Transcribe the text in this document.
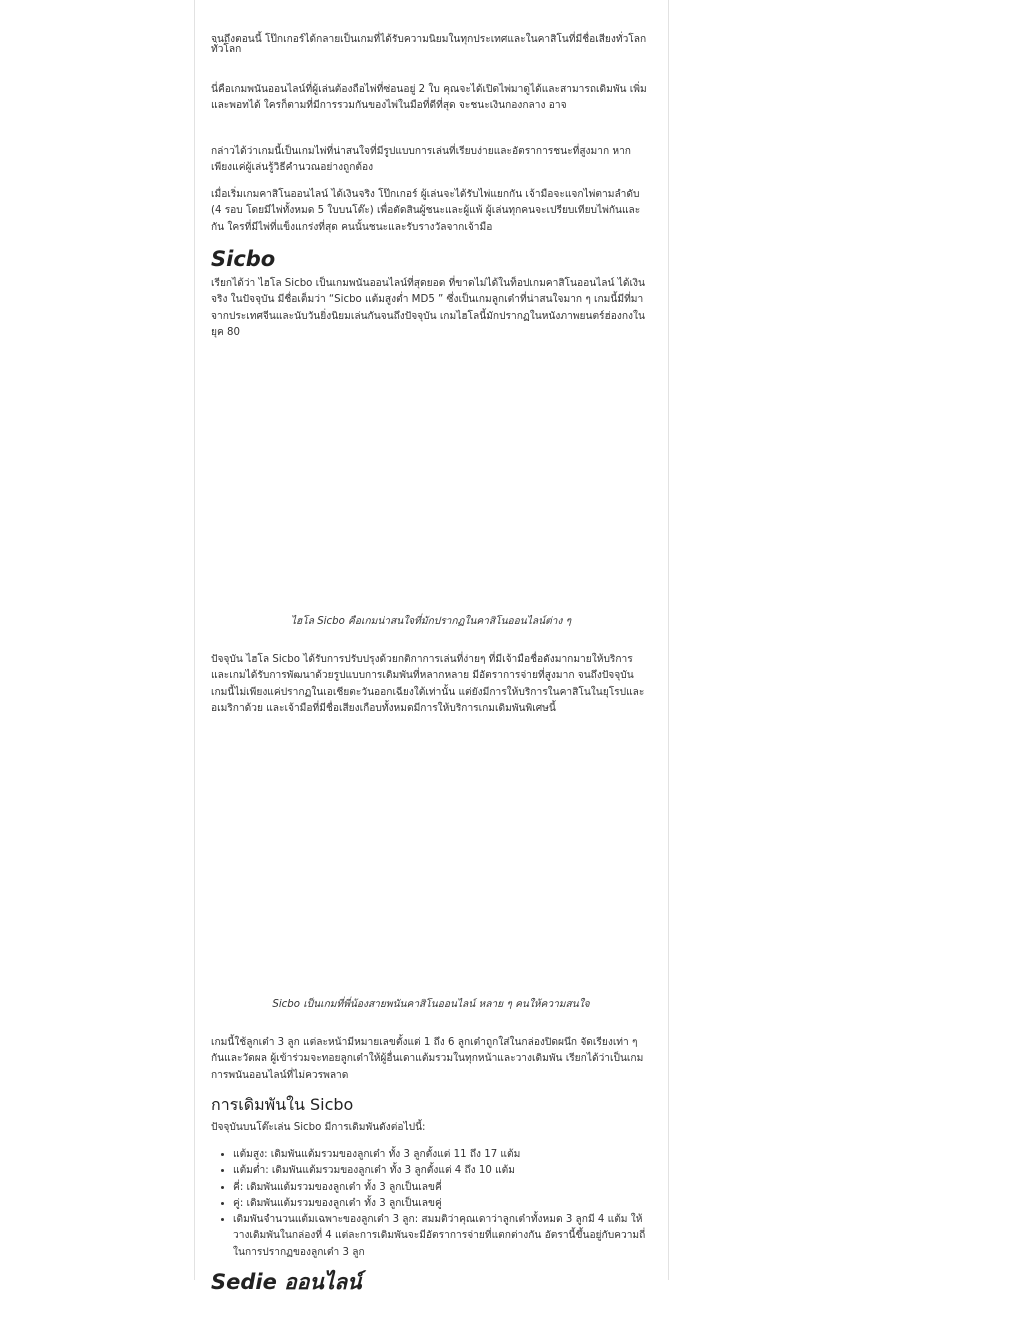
จนถึงตอนนี้ โป๊กเกอร์ได้กลายเป็นเกมที่ได้รับความนิยมในทุกประเทศและในคาสิโนที่มีชื่อเสียงทั่วโลก
ทั่วโลก

นี่คือเกมพนันออนไลน์ที่ผู้เล่นต้องถือไพ่ที่ซ่อนอยู่ 2 ใบ คุณจะได้เปิดไพ่มาดูได้และสามารถเดิมพัน เพิ่มและพอทได้ ใครก็ตามที่มีการรวมกันของไพ่ในมือที่ดีที่สุด จะชนะเงินกองกลาง อาจ

กล่าวได้ว่าเกมนี้เป็นเกมไพ่ที่น่าสนใจที่มีรูปแบบการเล่นที่เรียบง่ายและอัตราการชนะที่สูงมาก หากเพียงแค่ผู้เล่นรู้วิธีคำนวณอย่างถูกต้อง

เมื่อเริ่มเกมคาสิโนออนไลน์ ได้เงินจริง โป๊กเกอร์ ผู้เล่นจะได้รับไพ่แยกกัน เจ้ามือจะแจกไพ่ตามลำดับ (4 รอบ โดยมีไพ่ทั้งหมด 5 ใบบนโต๊ะ) เพื่อตัดสินผู้ชนะและผู้แพ้ ผู้เล่นทุกคนจะเปรียบเทียบไพ่กันและกัน ใครที่มีไพ่ที่แข็งแกร่งที่สุด คนนั้นชนะและรับรางวัลจากเจ้ามือ

Sicbo

เรียกได้ว่า ไฮโล Sicbo เป็นเกมพนันออนไลน์ที่สุดยอด ที่ขาดไม่ได้ในท็อปเกมคาสิโนออนไลน์ ได้เงินจริง ในปัจจุบัน มีชื่อเต็มว่า “Sicbo แต้มสูงต่ำ MD5 ” ซึ่งเป็นเกมลูกเต๋าที่น่าสนใจมาก ๆ เกมนี้มีที่มาจากประเทศจีนและนับวันยิ่งนิยมเล่นกันจนถึงปัจจุบัน เกมไฮโลนี้มักปรากฏในหนังภาพยนตร์ฮ่องกงในยุค 80

ไฮโล Sicbo คือเกมน่าสนใจที่มักปรากฏในคาสิโนออนไลน์ต่าง ๆ

ปัจจุบัน ไฮโล Sicbo ได้รับการปรับปรุงด้วยกติกาการเล่นที่ง่ายๆ ที่มีเจ้ามือชื่อดังมากมายให้บริการ และเกมได้รับการพัฒนาด้วยรูปแบบการเดิมพันที่หลากหลาย มีอัตราการจ่ายที่สูงมาก จนถึงปัจจุบัน เกมนี้ไม่เพียงแค่ปรากฏในเอเชียตะวันออกเฉียงใต้เท่านั้น แต่ยังมีการให้บริการในคาสิโนในยุโรปและอเมริกาด้วย และเจ้ามือที่มีชื่อเสียงเกือบทั้งหมดมีการให้บริการเกมเดิมพันพิเศษนี้

Sicbo เป็นเกมที่พี่น้องสายพนันคาสิโนออนไลน์ หลาย ๆ คนให้ความสนใจ

เกมนี้ใช้ลูกเต๋า 3 ลูก แต่ละหน้ามีหมายเลขตั้งแต่ 1 ถึง 6 ลูกเต๋าถูกใส่ในกล่องปิดผนึก จัดเรียงเท่า ๆ กันและวัดผล ผู้เข้าร่วมจะทอยลูกเต๋าให้ผู้อื่นเดาแต้มรวมในทุกหน้าและวางเดิมพัน เรียกได้ว่าเป็นเกมการพนันออนไลน์ที่ไม่ควรพลาด

การเดิมพันใน Sicbo

ปัจจุบันบนโต๊ะเล่น Sicbo มีการเดิมพันดังต่อไปนี้:

• แต้มสูง: เดิมพันแต้มรวมของลูกเต๋า ทั้ง 3 ลูกตั้งแต่ 11 ถึง 17 แต้ม
• แต้มต่ำ: เดิมพันแต้มรวมของลูกเต๋า ทั้ง 3 ลูกตั้งแต่ 4 ถึง 10 แต้ม
• คี่: เดิมพันแต้มรวมของลูกเต๋า ทั้ง 3 ลูกเป็นเลขคี่
• คู่: เดิมพันแต้มรวมของลูกเต๋า ทั้ง 3 ลูกเป็นเลขคู่
• เดิมพันจำนวนแต้มเฉพาะของลูกเต๋า 3 ลูก: สมมติว่าคุณเดาว่าลูกเต๋าทั้งหมด 3 ลูกมี 4 แต้ม ให้วางเดิมพันในกล่องที่ 4 แต่ละการเดิมพันจะมีอัตราการจ่ายที่แตกต่างกัน อัตรานี้ขึ้นอยู่กับความถี่ในการปรากฏของลูกเต๋า 3 ลูก
Sedie ออนไลน์
